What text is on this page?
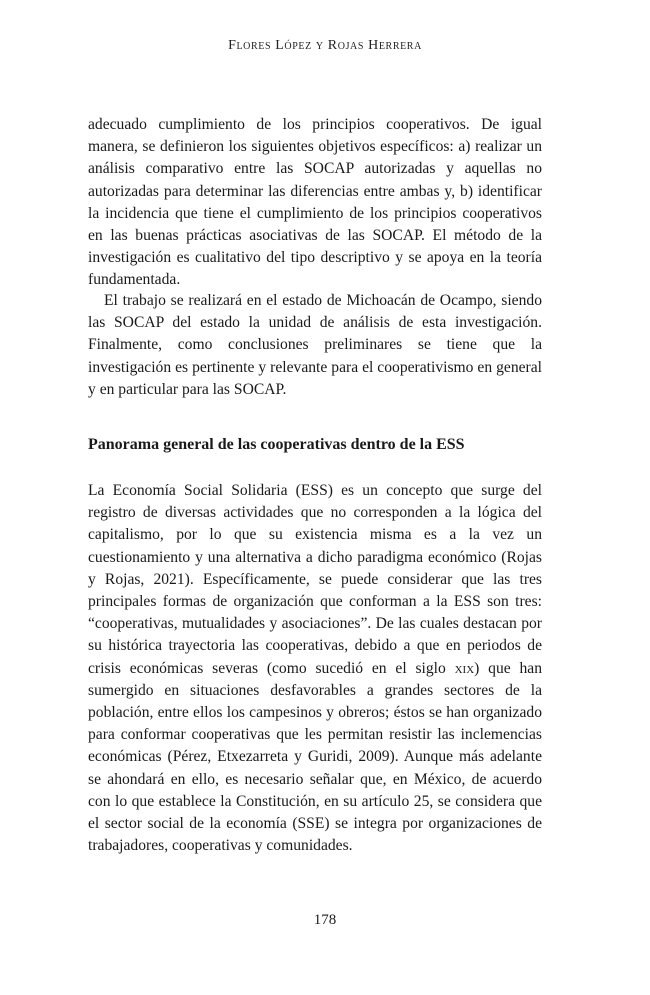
Flores López y Rojas Herrera

adecuado cumplimiento de los principios cooperativos. De igual manera, se definieron los siguientes objetivos específicos: a) realizar un análisis comparativo entre las SOCAP autorizadas y aquellas no autorizadas para determinar las diferencias entre ambas y, b) identificar la incidencia que tiene el cumplimiento de los principios cooperativos en las buenas prácticas asociativas de las SOCAP. El método de la investigación es cualitativo del tipo descriptivo y se apoya en la teoría fundamentada.

El trabajo se realizará en el estado de Michoacán de Ocampo, siendo las SOCAP del estado la unidad de análisis de esta investigación. Finalmente, como conclusiones preliminares se tiene que la investigación es pertinente y relevante para el cooperativismo en general y en particular para las SOCAP.

Panorama general de las cooperativas dentro de la ESS

La Economía Social Solidaria (ESS) es un concepto que surge del registro de diversas actividades que no corresponden a la lógica del capitalismo, por lo que su existencia misma es a la vez un cuestionamiento y una alternativa a dicho paradigma económico (Rojas y Rojas, 2021). Específicamente, se puede considerar que las tres principales formas de organización que conforman a la ESS son tres: “cooperativas, mutualidades y asociaciones”. De las cuales destacan por su histórica trayectoria las cooperativas, debido a que en periodos de crisis económicas severas (como sucedió en el siglo xix) que han sumergido en situaciones desfavorables a grandes sectores de la población, entre ellos los campesinos y obreros; éstos se han organizado para conformar cooperativas que les permitan resistir las inclemencias económicas (Pérez, Etxezarreta y Guridi, 2009). Aunque más adelante se ahondará en ello, es necesario señalar que, en México, de acuerdo con lo que establece la Constitución, en su artículo 25, se considera que el sector social de la economía (SSE) se integra por organizaciones de trabajadores, cooperativas y comunidades.

178
